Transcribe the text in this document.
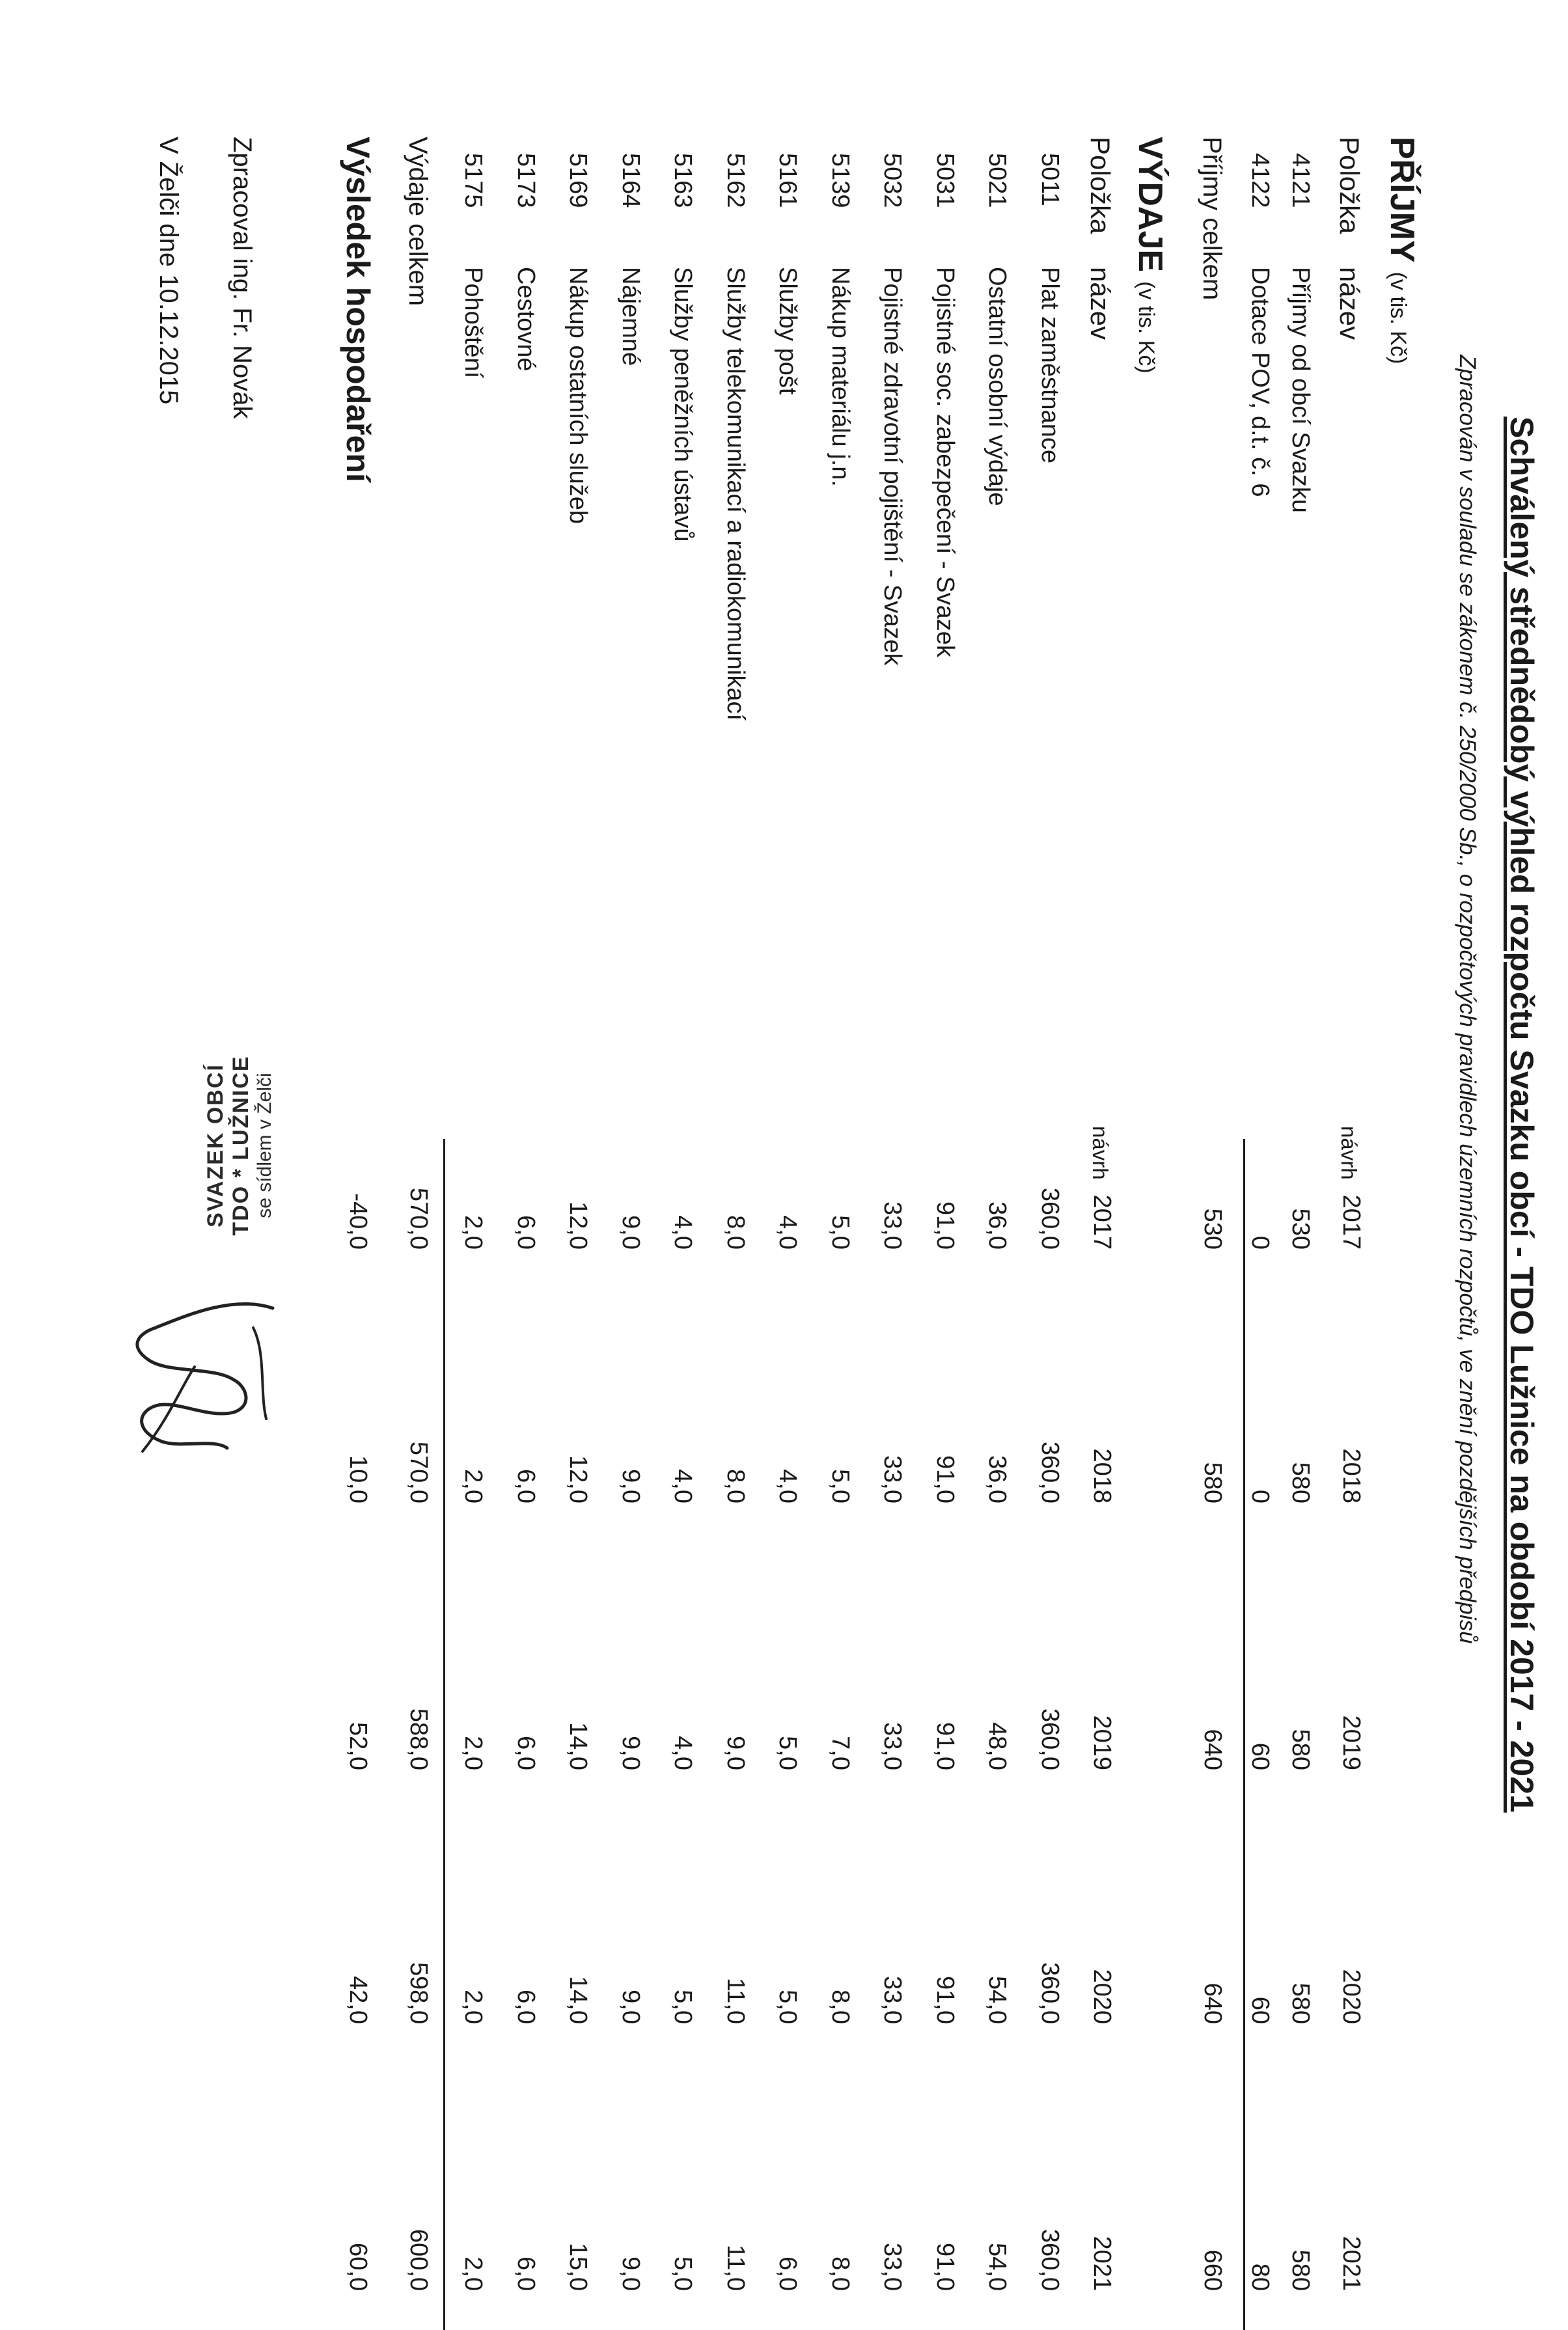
Schválený střednědobý výhled rozpočtu Svazku obcí - TDO Lužnice na období 2017 - 2021
Zpracován v souladu se zákonem č. 250/2000 Sb., o rozpočtových pravidlech územních rozpočtů, ve znění pozdějších předpisů
PŘÍJMY(v tis. Kč)
Položka
název
návrh
2017
2018
2019
2020
2021
4121
Příjmy od obcí Svazku
530
580
580
580
580
4122
Dotace POV, d.t. č. 6
0
0
60
60
80
Příjmy celkem
530
580
640
640
660
VÝDAJE(v tis. Kč)
Položka
název
návrh
2017
2018
2019
2020
2021
5011
Plat zaměstnance
360,0
360,0
360,0
360,0
360,0
5021
Ostatní osobní výdaje
36,0
36,0
48,0
54,0
54,0
5031
Pojistné soc. zabezpečení - Svazek
91,0
91,0
91,0
91,0
91,0
5032
Pojistné zdravotní pojištění - Svazek
33,0
33,0
33,0
33,0
33,0
5139
Nákup materiálu j.n.
5,0
5,0
7,0
8,0
8,0
5161
Služby pošt
4,0
4,0
5,0
5,0
6,0
5162
Služby telekomunikací a radiokomunikací
8,0
8,0
9,0
11,0
11,0
5163
Služby peněžních ústavů
4,0
4,0
4,0
5,0
5,0
5164
Nájemné
9,0
9,0
9,0
9,0
9,0
5169
Nákup ostatních služeb
12,0
12,0
14,0
14,0
15,0
5173
Cestovné
6,0
6,0
6,0
6,0
6,0
5175
Pohoštění
2,0
2,0
2,0
2,0
2,0
Výdaje celkem
570,0
570,0
588,0
598,0
600,0
Výsledek hospodaření
-40,0
10,0
52,0
42,0
60,0
Zpracoval ing. Fr. Novák
V Želči dne 10.12.2015
SVAZEK OBCÍ TDO * LUŽNICE se sídlem v Želči
